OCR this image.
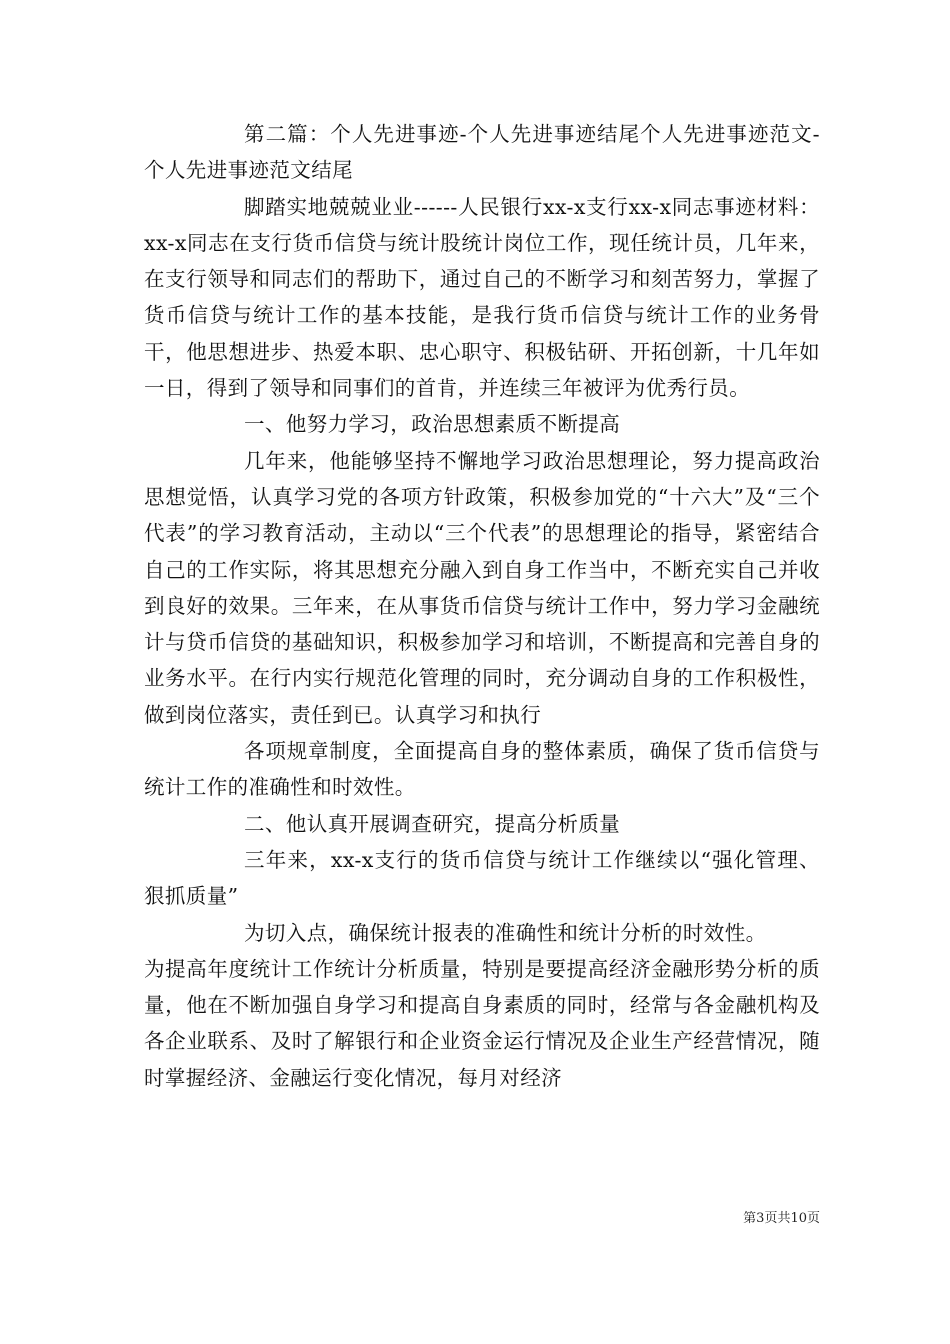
第二篇：个人先进事迹-个人先进事迹结尾个人先进事迹范文-个人先进事迹范文结尾

脚踏实地兢兢业业------人民银行xx-x支行xx-x同志事迹材料：xx-x同志在支行货币信贷与统计股统计岗位工作，现任统计员，几年来，在支行领导和同志们的帮助下，通过自己的不断学习和刻苦努力，掌握了货币信贷与统计工作的基本技能，是我行货币信贷与统计工作的业务骨干，他思想进步、热爱本职、忠心职守、积极钻研、开拓创新，十几年如一日，得到了领导和同事们的首肯，并连续三年被评为优秀行员。

一、他努力学习，政治思想素质不断提高

几年来，他能够坚持不懈地学习政治思想理论，努力提高政治思想觉悟，认真学习党的各项方针政策，积极参加党的“十六大”及“三个代表”的学习教育活动，主动以“三个代表”的思想理论的指导，紧密结合自己的工作实际，将其思想充分融入到自身工作当中，不断充实自己并收到良好的效果。三年来，在从事货币信贷与统计工作中，努力学习金融统计与贷币信贷的基础知识，积极参加学习和培训，不断提高和完善自身的业务水平。在行内实行规范化管理的同时，充分调动自身的工作积极性，做到岗位落实，责任到已。认真学习和执行

各项规章制度，全面提高自身的整体素质，确保了货币信贷与统计工作的准确性和时效性。

二、他认真开展调查研究，提高分析质量

三年来，xx-x支行的货币信贷与统计工作继续以“强化管理、狠抓质量”

为切入点，确保统计报表的准确性和统计分析的时效性。

为提高年度统计工作统计分析质量，特别是要提高经济金融形势分析的质量，他在不断加强自身学习和提高自身素质的同时，经常与各金融机构及各企业联系、及时了解银行和企业资金运行情况及企业生产经营情况，随时掌握经济、金融运行变化情况，每月对经济

第3页共10页
